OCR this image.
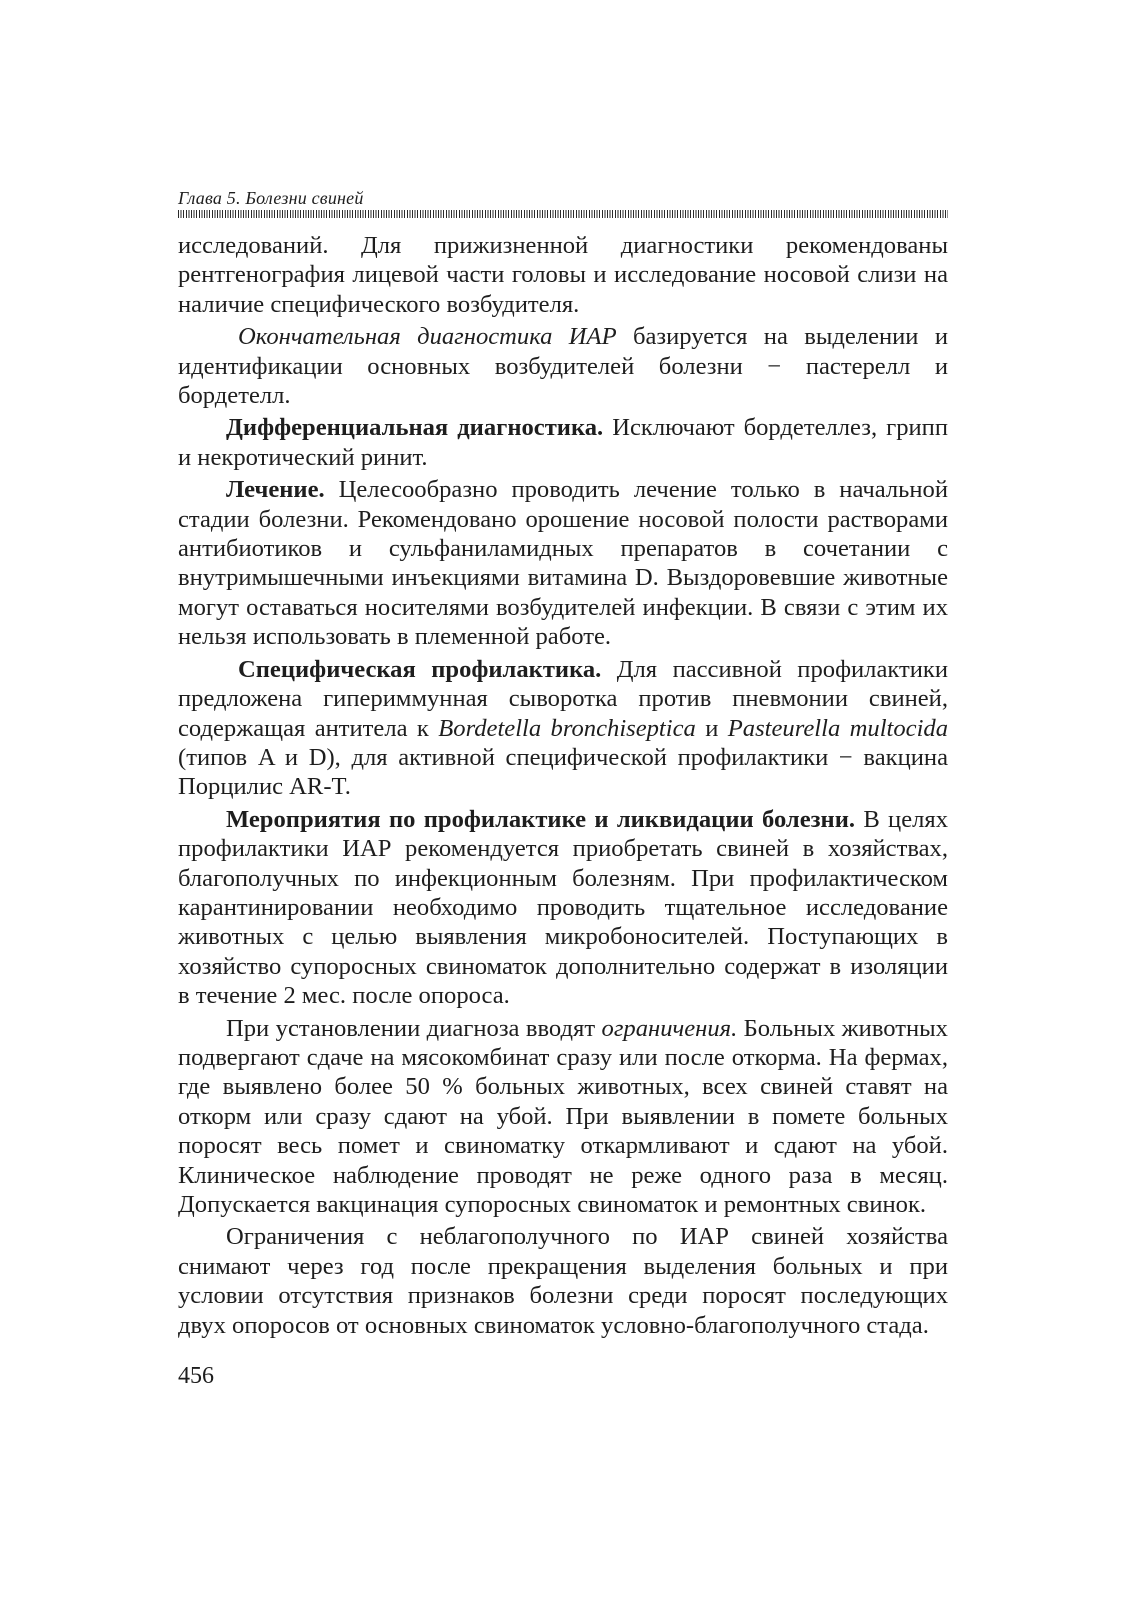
Глава 5. Болезни свиней

исследований. Для прижизненной диагностики рекомендованы рентгенография лицевой части головы и исследование носовой слизи на наличие специфического возбудителя.

Окончательная диагностика ИАР базируется на выделении и идентификации основных возбудителей болезни − пастерелл и бордетелл.

Дифференциальная диагностика. Исключают бордетеллез, грипп и некротический ринит.

Лечение. Целесообразно проводить лечение только в начальной стадии болезни. Рекомендовано орошение носовой полости растворами антибиотиков и сульфаниламидных препаратов в сочетании с внутримышечными инъекциями витамина D. Выздоровевшие животные могут оставаться носителями возбудителей инфекции. В связи с этим их нельзя использовать в племенной работе.

Специфическая профилактика. Для пассивной профилактики предложена гипериммунная сыворотка против пневмонии свиней, содержащая антитела к Bordetella bronchiseptica и Pasteurella multocida (типов A и D), для активной специфической профилактики − вакцина Порцилис AR-T.

Мероприятия по профилактике и ликвидации болезни. В целях профилактики ИАР рекомендуется приобретать свиней в хозяйствах, благополучных по инфекционным болезням. При профилактическом карантинировании необходимо проводить тщательное исследование животных с целью выявления микробоносителей. Поступающих в хозяйство супоросных свиноматок дополнительно содержат в изоляции в течение 2 мес. после опороса.

При установлении диагноза вводят ограничения. Больных животных подвергают сдаче на мясокомбинат сразу или после откорма. На фермах, где выявлено более 50 % больных животных, всех свиней ставят на откорм или сразу сдают на убой. При выявлении в помете больных поросят весь помет и свиноматку откармливают и сдают на убой. Клиническое наблюдение проводят не реже одного раза в месяц. Допускается вакцинация супоросных свиноматок и ремонтных свинок.

Ограничения с неблагополучного по ИАР свиней хозяйства снимают через год после прекращения выделения больных и при условии отсутствия признаков болезни среди поросят последующих двух опоросов от основных свиноматок условно-благополучного стада.

456
